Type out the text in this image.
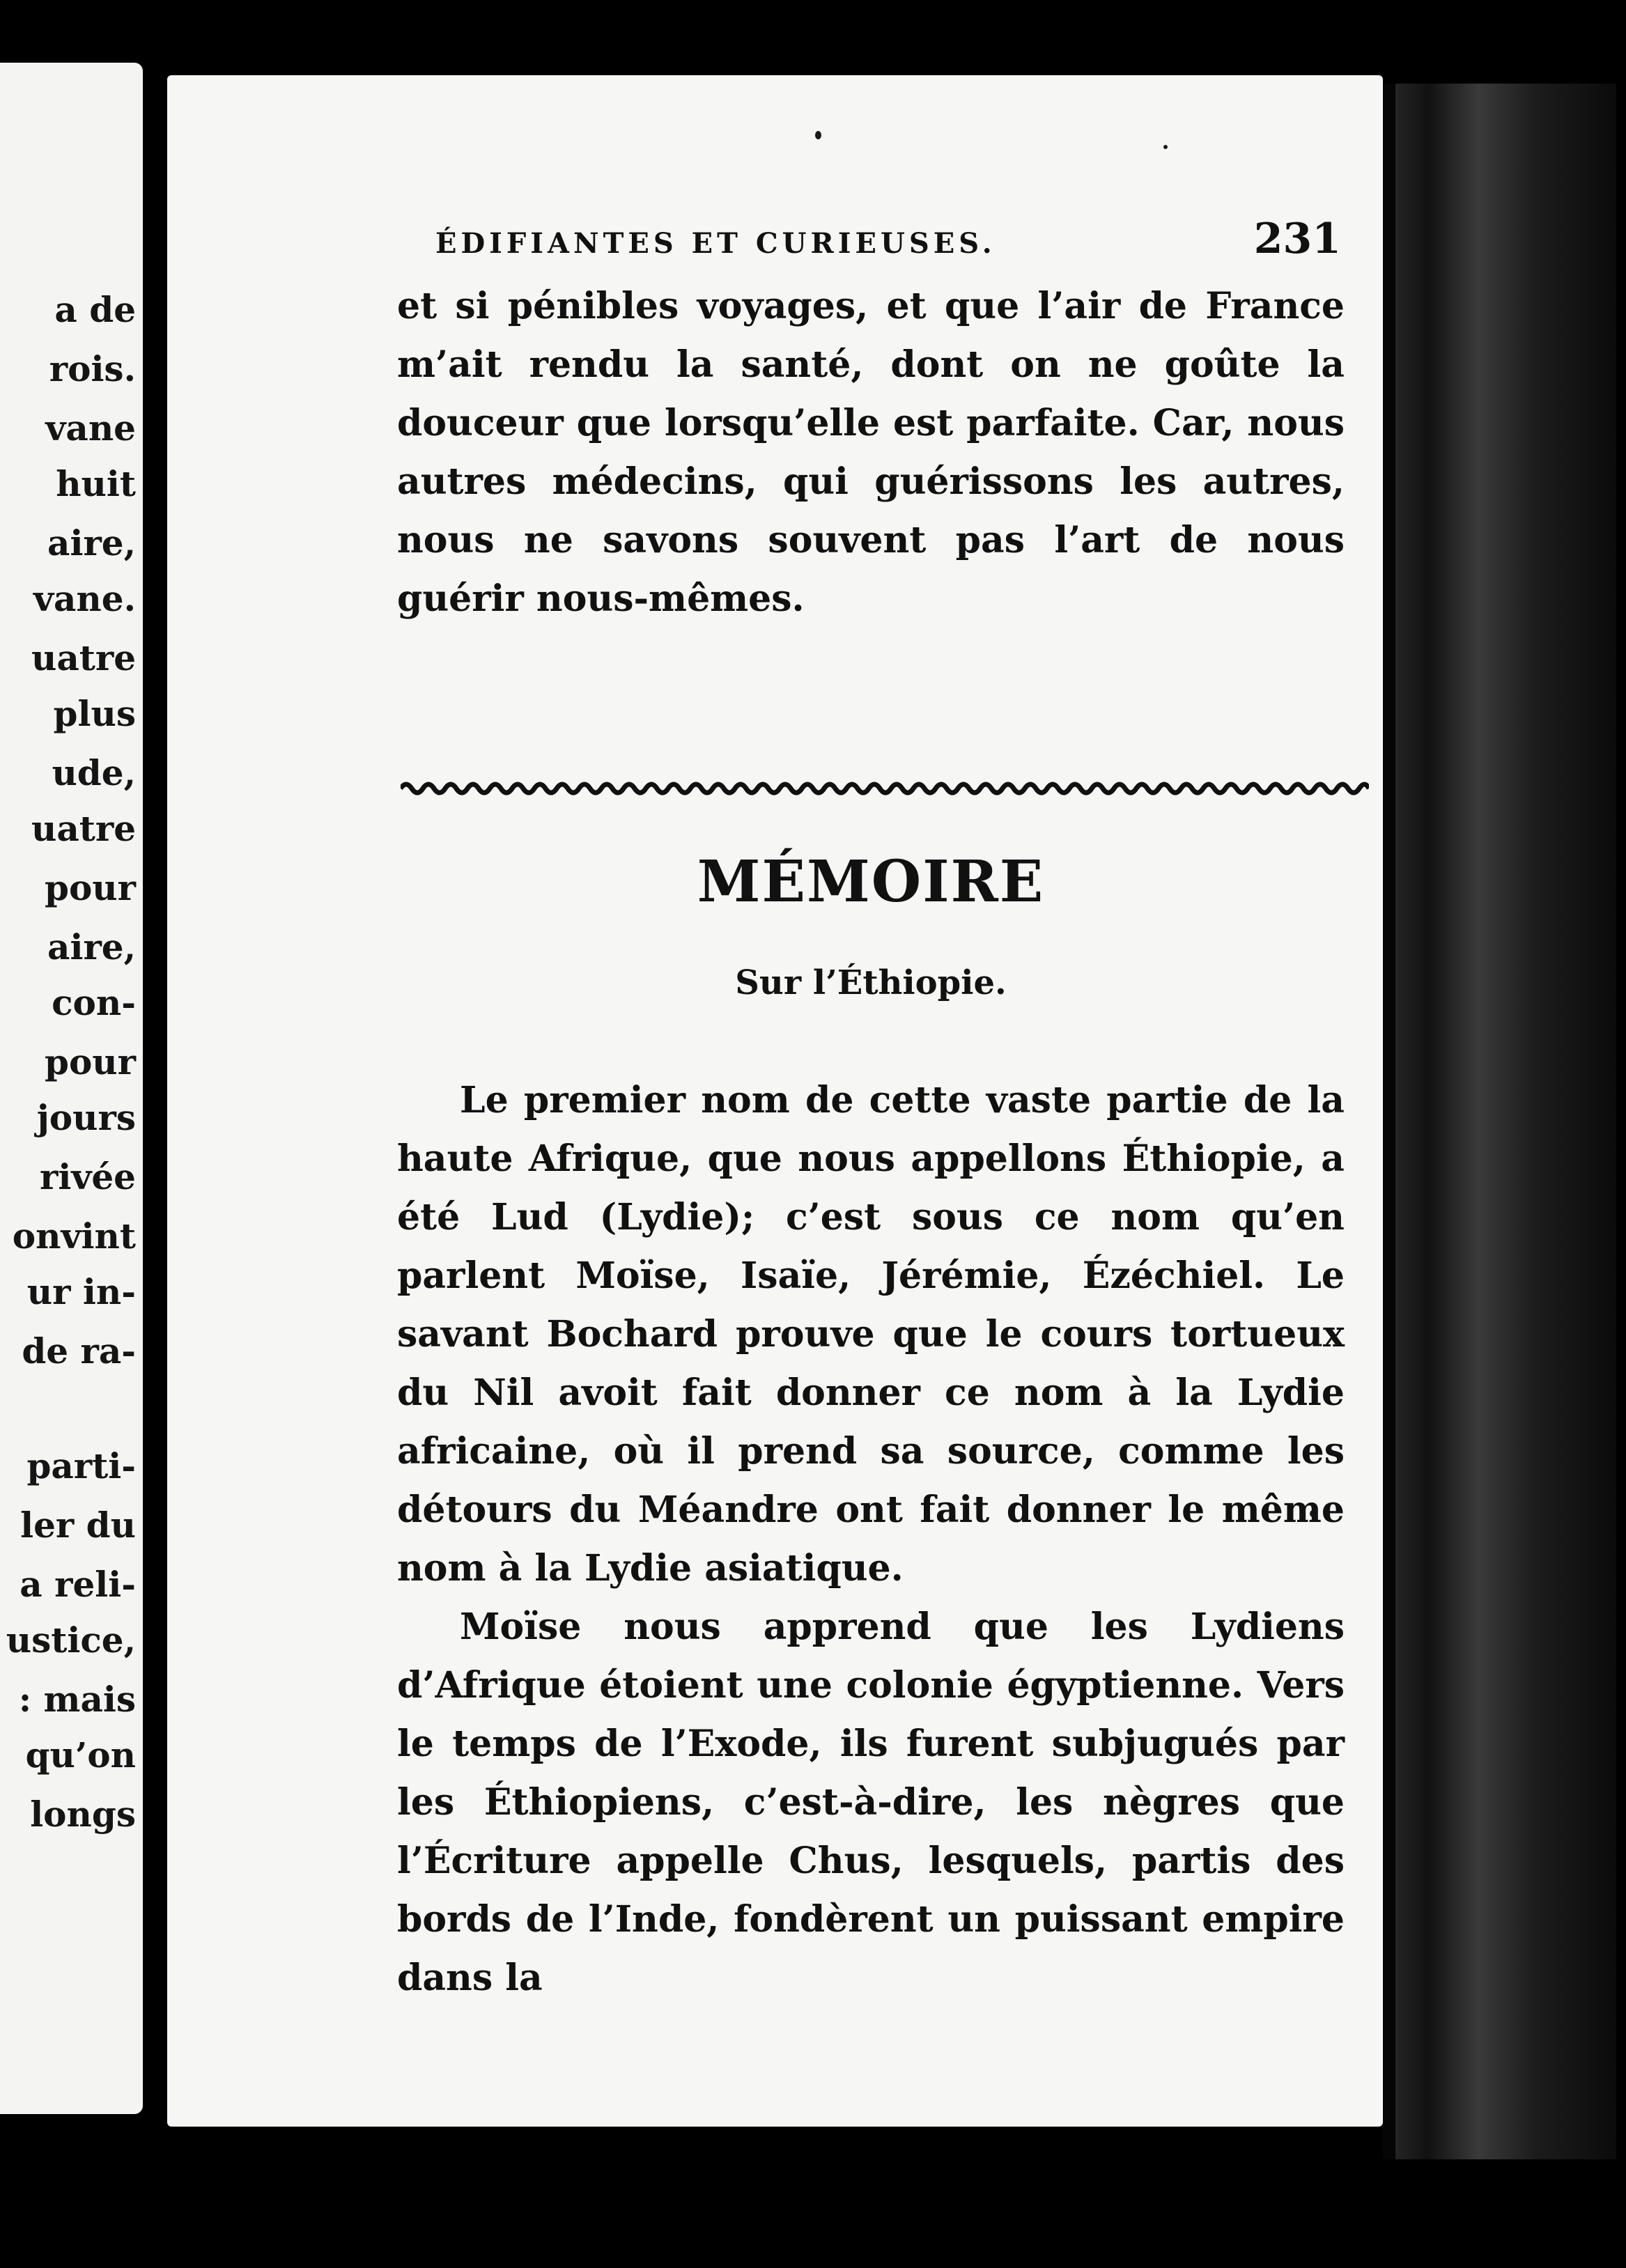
a de
rois.
vane
huit
aire,
vane.
uatre
plus
ude,
uatre
pour
aire,
con-
pour
jours
rivée
onvint
ur in-
de ra-
parti-
ler du
a reli-
ustice,
: mais
qu’on
longs
ÉDIFIANTES ET CURIEUSES.	231

et si pénibles voyages, et que l’air de France m’ait rendu la santé, dont on ne goûte la douceur que lorsqu’elle est parfaite. Car, nous autres médecins, qui guérissons les autres, nous ne savons souvent pas l’art de nous guérir nous-mêmes.

MÉMOIRE
Sur l’Éthiopie.

Le premier nom de cette vaste partie de la haute Afrique, que nous appellons Éthiopie, a été Lud (Lydie); c’est sous ce nom qu’en parlent Moïse, Isaïe, Jérémie, Ézéchiel. Le savant Bochard prouve que le cours tortueux du Nil avoit fait donner ce nom à la Lydie africaine, où il prend sa source, comme les détours du Méandre ont fait donner le même nom à la Lydie asiatique.

Moïse nous apprend que les Lydiens d’Afrique étoient une colonie égyptienne. Vers le temps de l’Exode, ils furent subjugués par les Éthiopiens, c’est-à-dire, les nègres que l’Écriture appelle Chus, lesquels, partis des bords de l’Inde, fondèrent un puissant empire dans la
